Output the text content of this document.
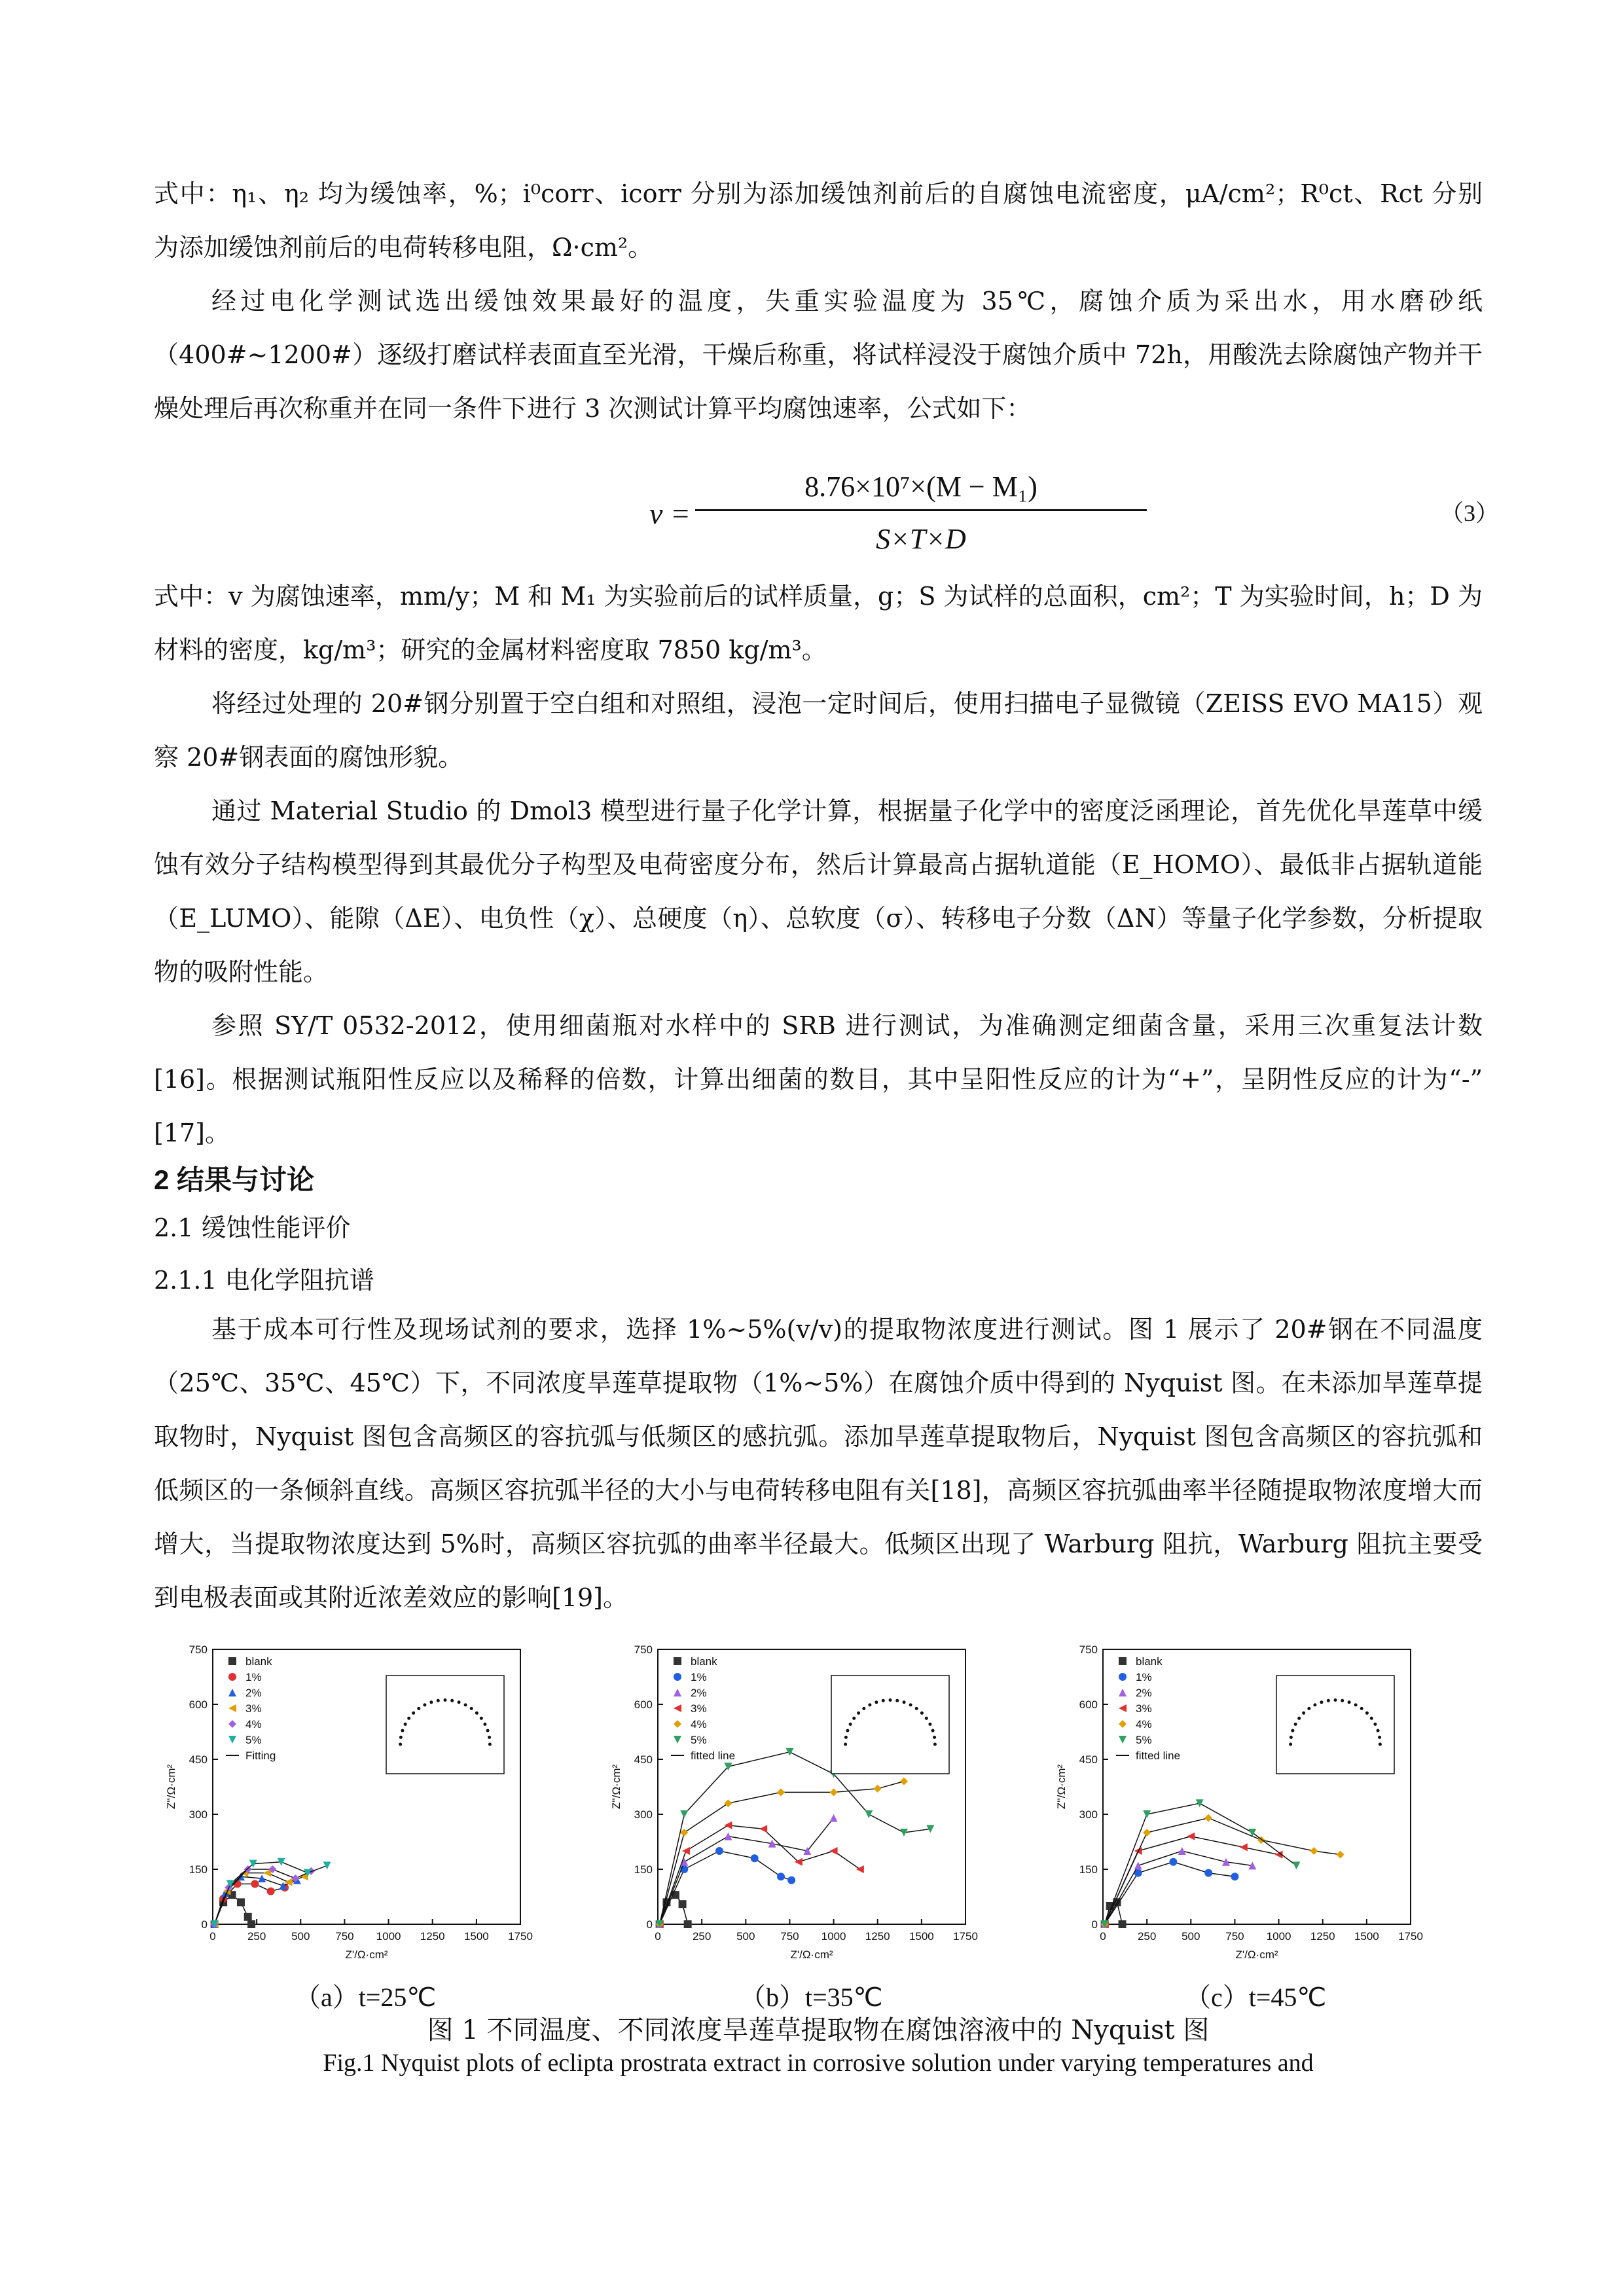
式中：η₁、η₂ 均为缓蚀率，%；i⁰corr、icorr 分别为添加缓蚀剂前后的自腐蚀电流密度，μA/cm²；R⁰ct、Rct 分别
为添加缓蚀剂前后的电荷转移电阻，Ω·cm²。
经过电化学测试选出缓蚀效果最好的温度，失重实验温度为 35℃，腐蚀介质为采出水，用水磨砂纸（400#~1200#）逐级打磨试样表面直至光滑，干燥后称重，将试样浸没于腐蚀介质中 72h，用酸洗去除腐蚀产物并干燥处理后再次称重并在同一条件下进行 3 次测试计算平均腐蚀速率，公式如下：
v =
8.76×10⁷×(M − M₁)
S×T×D
（3）
式中：v 为腐蚀速率，mm/y；M 和 M₁ 为实验前后的试样质量，g；S 为试样的总面积，cm²；T 为实验时间，h；D 为材料的密度，kg/m³；研究的金属材料密度取 7850 kg/m³。
将经过处理的 20#钢分别置于空白组和对照组，浸泡一定时间后，使用扫描电子显微镜（ZEISS EVO MA15）观察 20#钢表面的腐蚀形貌。
通过 Material Studio 的 Dmol3 模型进行量子化学计算，根据量子化学中的密度泛函理论，首先优化旱莲草中缓蚀有效分子结构模型得到其最优分子构型及电荷密度分布，然后计算最高占据轨道能（E_HOMO）、最低非占据轨道能（E_LUMO）、能隙（ΔE）、电负性（χ）、总硬度（η）、总软度（σ）、转移电子分数（ΔN）等量子化学参数，分析提取物的吸附性能。
参照 SY/T 0532-2012，使用细菌瓶对水样中的 SRB 进行测试，为准确测定细菌含量，采用三次重复法计数[16]。根据测试瓶阳性反应以及稀释的倍数，计算出细菌的数目，其中呈阳性反应的计为“+”，呈阴性反应的计为“-” [17]。
2 结果与讨论
2.1 缓蚀性能评价
2.1.1 电化学阻抗谱
基于成本可行性及现场试剂的要求，选择 1%~5%(v/v)的提取物浓度进行测试。图 1 展示了 20#钢在不同温度（25℃、35℃、45℃）下，不同浓度旱莲草提取物（1%~5%）在腐蚀介质中得到的 Nyquist 图。在未添加旱莲草提取物时，Nyquist 图包含高频区的容抗弧与低频区的感抗弧。添加旱莲草提取物后，Nyquist 图包含高频区的容抗弧和低频区的一条倾斜直线。高频区容抗弧半径的大小与电荷转移电阻有关[18]，高频区容抗弧曲率半径随提取物浓度增大而增大，当提取物浓度达到 5%时，高频区容抗弧的曲率半径最大。低频区出现了 Warburg 阻抗，Warburg 阻抗主要受到电极表面或其附近浓差效应的影响[19]。
0	250 500 750 1000 1250 1500 1750
0
150
300
450
600
750
Z'/Ω·cm²
Z''/Ω·cm²
blank
1%
2%
3%
4%
5%
Fitting
0	250 500 750 1000 1250 1500 1750
0
150
300
450
600
750
Z'/Ω·cm²
Z''/Ω·cm²
blank
1%
2%
3%
4%
5%
fitted line
0	250 500 750 1000 1250 1500 1750
0
150
300
450
600
750
Z'/Ω·cm²
Z''/Ω·cm²
blank
1%
2%
3%
4%
5%
fitted line
（a）t=25℃	（b）t=35℃	（c）t=45℃
图 1 不同温度、不同浓度旱莲草提取物在腐蚀溶液中的 Nyquist 图
Fig.1 Nyquist plots of eclipta prostrata extract in corrosive solution under varying temperatures and
